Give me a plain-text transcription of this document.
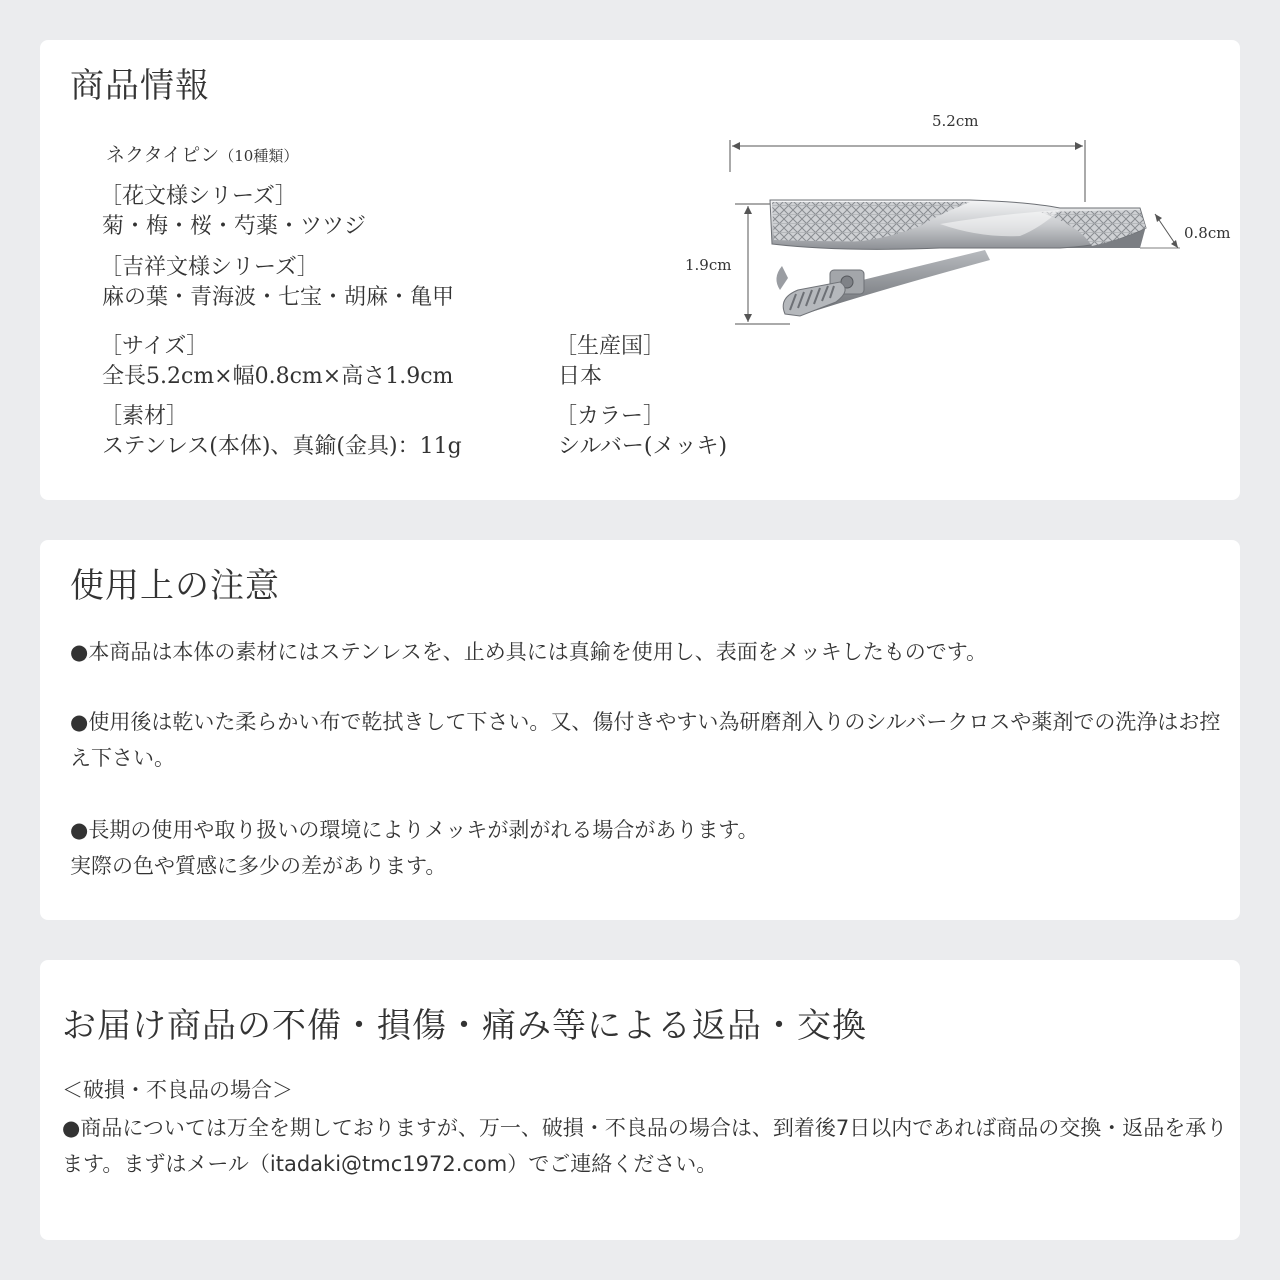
商品情報
ネクタイピン（10種類）
［花文様シリーズ］
菊・梅・桜・芍薬・ツツジ
［吉祥文様シリーズ］
麻の葉・青海波・七宝・胡麻・亀甲
［サイズ］
全長5.2cm×幅0.8cm×高さ1.9cm
［素材］
ステンレス(本体)、真鍮(金具)：11g
［生産国］
日本
［カラー］
シルバー(メッキ)
5.2cm
1.9cm
0.8cm
使用上の注意

●本商品は本体の素材にはステンレスを、止め具には真鍮を使用し、表面をメッキしたものです。

●使用後は乾いた柔らかい布で乾拭きして下さい。又、傷付きやすい為研磨剤入りのシルバークロスや薬剤での洗浄はお控え下さい。

●長期の使用や取り扱いの環境によりメッキが剥がれる場合があります。
実際の色や質感に多少の差があります。
お届け商品の不備・損傷・痛み等による返品・交換

＜破損・不良品の場合＞

●商品については万全を期しておりますが、万一、破損・不良品の場合は、到着後7日以内であれば商品の交換・返品を承ります。まずはメール（itadaki@tmc1972.com）でご連絡ください。
